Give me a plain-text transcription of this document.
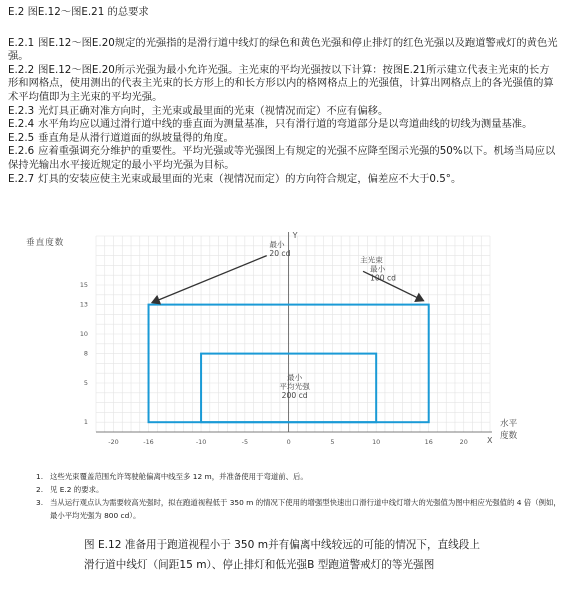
E.2 图E.12～图E.21 的总要求

E.2.1 图E.12～图E.20规定的光强指的是滑行道中线灯的绿色和黄色光强和停止排灯的红色光强以及跑道警戒灯的黄色光强。

E.2.2 图E.12～图E.20所示光强为最小允许光强。主光束的平均光强按以下计算：按图E.21所示建立代表主光束的长方形和网格点，使用测出的代表主光束的长方形上的和长方形以内的格网格点上的光强值，计算出网格点上的各光强值的算术平均值即为主光束的平均光强。

E.2.3 光灯具正确对准方向时，主光束或最里面的光束（视情况而定）不应有偏移。

E.2.4 水平角均应以通过滑行道中线的垂直面为测量基准，只有滑行道的弯道部分是以弯道曲线的切线为测量基准。

E.2.5 垂直角是从滑行道道面的纵坡量得的角度。

E.2.6 应着重强调充分维护的重要性。平均光强或等光强图上有规定的光强不应降至图示光强的50%以下。机场当局应以保持光输出水平接近规定的最小平均光强为目标。

E.2.7 灯具的安装应使主光束或最里面的光束（视情况而定）的方向符合规定，偏差应不大于0.5°。

Y
X
垂直度数
水平
度数
-20	-16	-10	-5	0	5	10	16	20
1
5
8
10
13
15
最小
20 cd
主光束
最小
100 cd
最小
平均光强
200 cd
1. 这些光束覆盖范围允许驾驶舱偏离中线至多 12 m，并准备使用于弯道前、后。
2. 见 E.2 的要求。
3. 当从运行观点认为需要较高光强时，拟在跑道视程低于 350 m 的情况下使用的增强型快速出口滑行道中线灯增大的光强值为图中相应光强值的 4 倍（例如，最小平均光强为 800 cd）。
图 E.12 准备用于跑道视程小于 350 m并有偏离中线较远的可能的情况下，直线段上
滑行道中线灯（间距15 m）、停止排灯和低光强B 型跑道警戒灯的等光强图
